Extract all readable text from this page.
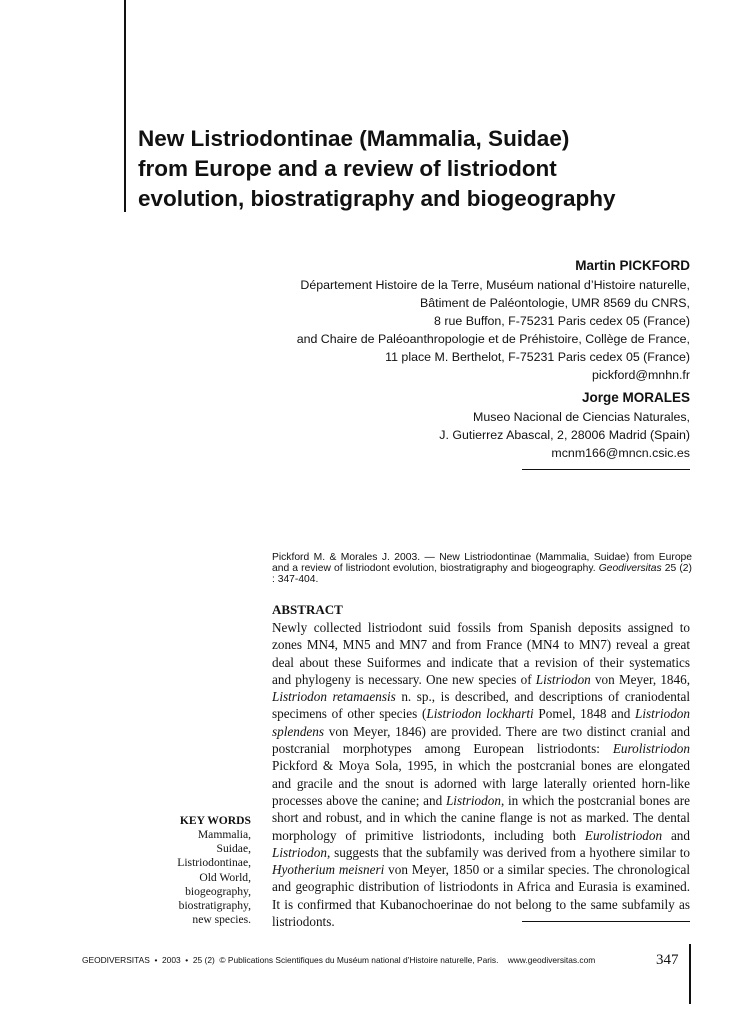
New Listriodontinae (Mammalia, Suidae)
from Europe and a review of listriodont
evolution, biostratigraphy and biogeography
Martin PICKFORD
Département Histoire de la Terre, Muséum national d’Histoire naturelle,
Bâtiment de Paléontologie, UMR 8569 du CNRS,
8 rue Buffon, F-75231 Paris cedex 05 (France)
and Chaire de Paléoanthropologie et de Préhistoire, Collège de France,
11 place M. Berthelot, F-75231 Paris cedex 05 (France)
pickford@mnhn.fr
Jorge MORALES
Museo Nacional de Ciencias Naturales,
J. Gutierrez Abascal, 2, 28006 Madrid (Spain)
mcnm166@mncn.csic.es
Pickford M. & Morales J. 2003. — New Listriodontinae (Mammalia, Suidae) from Europe and a review of listriodont evolution, biostratigraphy and biogeography. Geodiversitas 25 (2) : 347-404.
ABSTRACT
Newly collected listriodont suid fossils from Spanish deposits assigned to
zones MN4, MN5 and MN7 and from France (MN4 to MN7) reveal a great
deal about these Suiformes and indicate that a revision of their systematics
and phylogeny is necessary. One new species of Listriodon von Meyer, 1846,
Listriodon retamaensis n. sp., is described, and descriptions of craniodental
specimens of other species (Listriodon lockharti Pomel, 1848 and Listriodon
splendens von Meyer, 1846) are provided. There are two distinct cranial and
postcranial morphotypes among European listriodonts: Eurolistriodon
Pickford & Moya Sola, 1995, in which the postcranial bones are elongated
and gracile and the snout is adorned with large laterally oriented horn-like
processes above the canine; and Listriodon, in which the postcranial bones are
short and robust, and in which the canine flange is not as marked. The dental
morphology of primitive listriodonts, including both Eurolistriodon and
Listriodon, suggests that the subfamily was derived from a hyothere similar to
Hyotherium meisneri von Meyer, 1850 or a similar species. The chronological
and geographic distribution of listriodonts in Africa and Eurasia is examined.
It is confirmed that Kubanochoerinae do not belong to the same subfamily as
listriodonts.
KEY WORDS
Mammalia,
Suidae,
Listriodontinae,
Old World,
biogeography,
biostratigraphy,
new species.
GEODIVERSITAS  •  2003  •  25 (2)  © Publications Scientifiques du Muséum national d’Histoire naturelle, Paris.    www.geodiversitas.com	347
